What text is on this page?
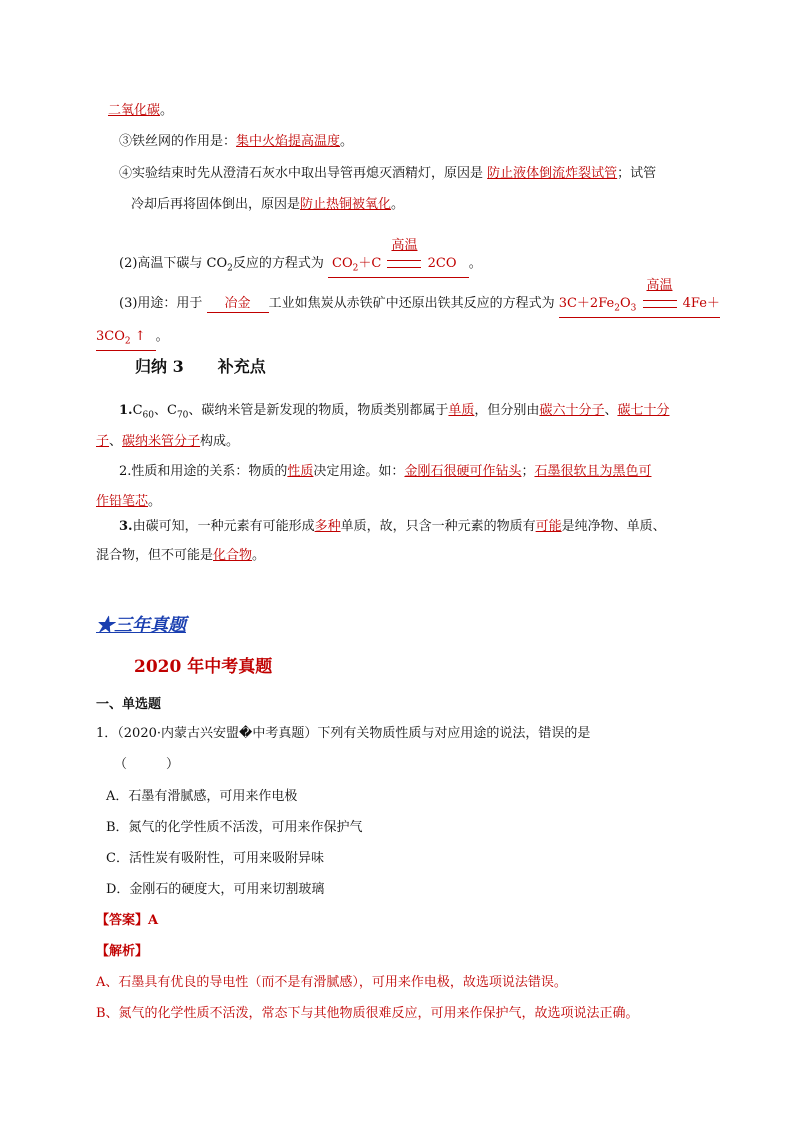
二氧化碳。
③铁丝网的作用是：集中火焰提高温度。
④实验结束时先从澄清石灰水中取出导管再熄灭酒精灯，原因是 防止液体倒流炸裂试管；试管
冷却后再将固体倒出，原因是防止热铜被氧化。
(2)高温下碳与 $CO_2$反应的方程式为 $CO_2+C$
高温
2CO 。
(3)用途：用于 冶金 工业如焦炭从赤铁矿中还原出铁其反应的方程式为 $3C+2Fe_2O_3$
高温
4Fe＋
$3CO_2$ ↑ 。
归纳 3 补充点
$1.C_{60}$、$C_{70}$、碳纳米管是新发现的物质，物质类别都属于单质，但分别由碳六十分子、碳七十分
子、碳纳米管分子构成。
2.性质和用途的关系：物质的性质决定用途。如：金刚石很硬可作钻头；石墨很软且为黑色可
作铅笔芯。
3.由碳可知，一种元素有可能形成多种单质，故，只含一种元素的物质有可能是纯净物、单质、
混合物，但不可能是化合物。
★三年真题
2020 年中考真题
一、单选题
1．（2020·内蒙古兴安盟�中考真题）下列有关物质性质与对应用途的说法，错误的是
（　　　）
A．石墨有滑腻感，可用来作电极
B．氮气的化学性质不活泼，可用来作保护气
C．活性炭有吸附性，可用来吸附异味
D．金刚石的硬度大，可用来切割玻璃
【答案】A
【解析】
A、石墨具有优良的导电性（而不是有滑腻感），可用来作电极，故选项说法错误。
B、氮气的化学性质不活泼，常态下与其他物质很难反应，可用来作保护气，故选项说法正确。
